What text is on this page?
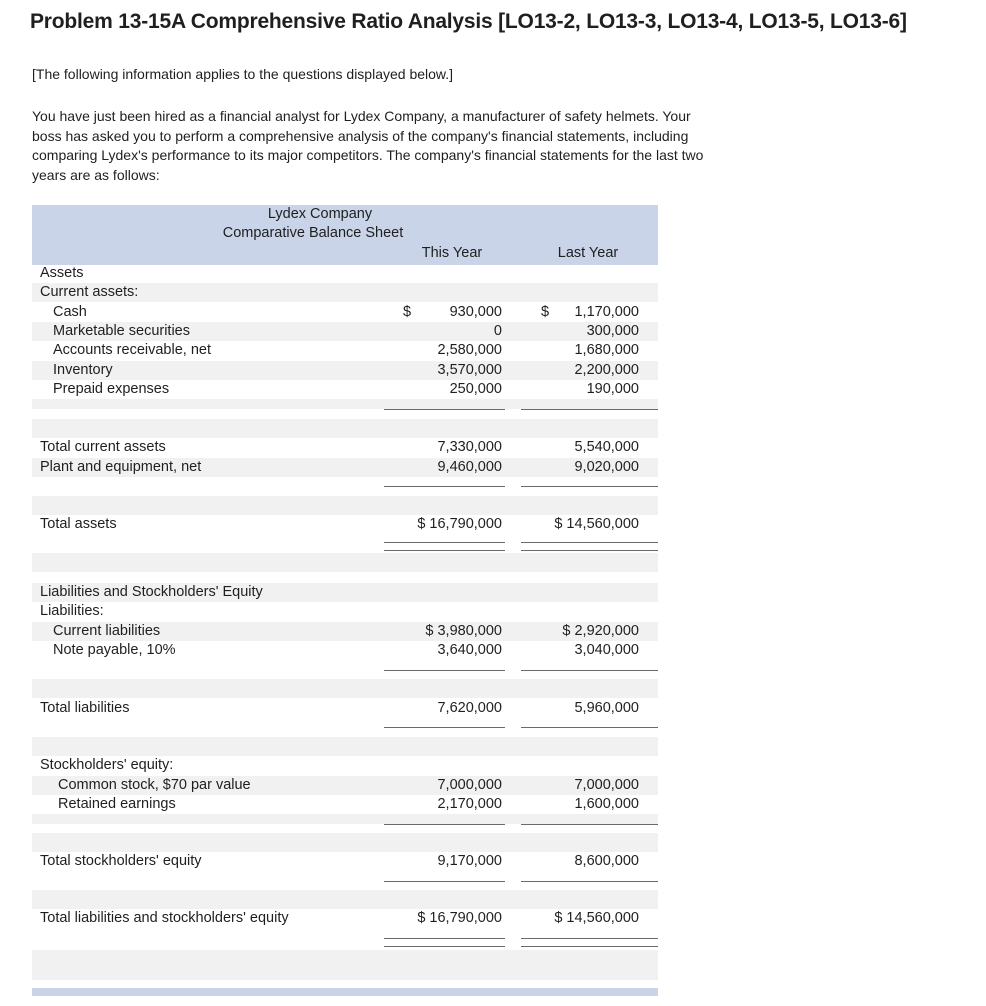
Problem 13-15A Comprehensive Ratio Analysis [LO13-2, LO13-3, LO13-4, LO13-5, LO13-6]
[The following information applies to the questions displayed below.]
You have just been hired as a financial analyst for Lydex Company, a manufacturer of safety helmets. Your
boss has asked you to perform a comprehensive analysis of the company's financial statements, including
comparing Lydex's performance to its major competitors. The company's financial statements for the last two
years are as follows:
Lydex Company
Comparative Balance Sheet
This Year	Last Year
Assets
Current assets:
Cash	$	930,000	$	1,170,000
Marketable securities	0	300,000
Accounts receivable, net	2,580,000	1,680,000
Inventory	3,570,000	2,200,000
Prepaid expenses	250,000	190,000
Total current assets	7,330,000	5,540,000
Plant and equipment, net	9,460,000	9,020,000
Total assets	$ 16,790,000	$ 14,560,000
Liabilities and Stockholders' Equity
Liabilities:
Current liabilities	$ 3,980,000	$ 2,920,000
Note payable, 10%	3,640,000	3,040,000
Total liabilities	7,620,000	5,960,000
Stockholders' equity:
Common stock, $70 par value	7,000,000	7,000,000
Retained earnings	2,170,000	1,600,000
Total stockholders' equity	9,170,000	8,600,000
Total liabilities and stockholders' equity	$ 16,790,000	$ 14,560,000
